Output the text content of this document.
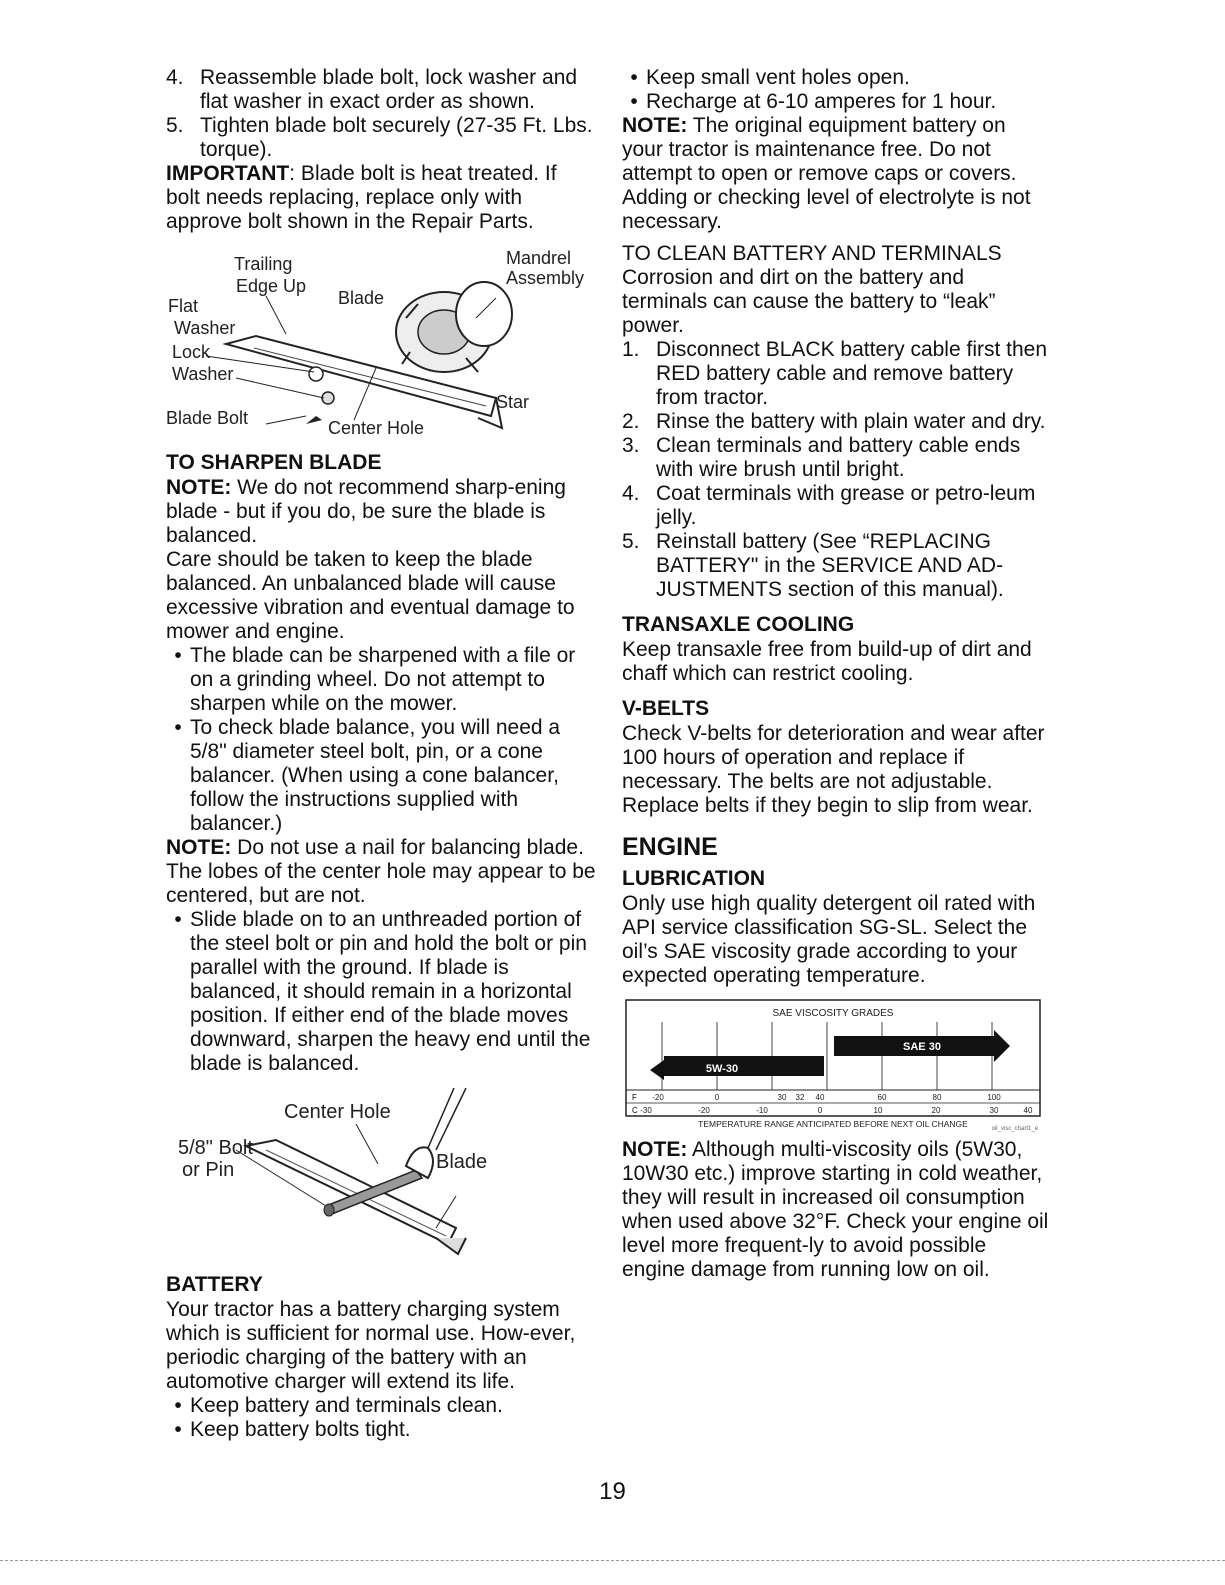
4. Reassemble blade bolt, lock washer and flat washer in exact order as shown.
5. Tighten blade bolt securely (27-35 Ft. Lbs. torque).

IMPORTANT: Blade bolt is heat treated. If bolt needs replacing, replace only with approve bolt shown in the Repair Parts.

Trailing
Edge Up
Blade
Mandrel
Assembly
Flat
Washer
Lock
Washer
Star
Blade Bolt	Center Hole
TO SHARPEN BLADE

NOTE: We do not recommend sharp-ening blade - but if you do, be sure the blade is balanced.

Care should be taken to keep the blade balanced. An unbalanced blade will cause excessive vibration and eventual damage to mower and engine.

• The blade can be sharpened with a file or on a grinding wheel. Do not attempt to sharpen while on the mower.
• To check blade balance, you will need a 5/8" diameter steel bolt, pin, or a cone balancer. (When using a cone balancer, follow the instructions supplied with balancer.)

NOTE: Do not use a nail for balancing blade. The lobes of the center hole may appear to be centered, but are not.

• Slide blade on to an unthreaded portion of the steel bolt or pin and hold the bolt or pin parallel with the ground. If blade is balanced, it should remain in a horizontal position. If either end of the blade moves downward, sharpen the heavy end until the blade is balanced.
Center Hole
5/8" Bolt
or Pin	Blade
BATTERY

Your tractor has a battery charging system which is sufficient for normal use. How-ever, periodic charging of the battery with an automotive charger will extend its life.

• Keep battery and terminals clean.
• Keep battery bolts tight.
• Keep small vent holes open.
• Recharge at 6-10 amperes for 1 hour.

NOTE: The original equipment battery on your tractor is maintenance free. Do not attempt to open or remove caps or covers. Adding or checking level of electrolyte is not necessary.

TO CLEAN BATTERY AND TERMINALS

Corrosion and dirt on the battery and terminals can cause the battery to “leak” power.

1. Disconnect BLACK battery cable first then RED battery cable and remove battery from tractor.
2. Rinse the battery with plain water and dry.
3. Clean terminals and battery cable ends with wire brush until bright.
4. Coat terminals with grease or petro-leum jelly.
5. Reinstall battery (See “REPLACING BATTERY" in the SERVICE AND AD-JUSTMENTS section of this manual).
TRANSAXLE COOLING

Keep transaxle free from build-up of dirt and chaff which can restrict cooling.

V-BELTS

Check V-belts for deterioration and wear after 100 hours of operation and replace if necessary. The belts are not adjustable. Replace belts if they begin to slip from wear.

ENGINE
LUBRICATION

Only use high quality detergent oil rated with API service classification SG-SL. Select the oil’s SAE viscosity grade according to your expected operating temperature.

SAE VISCOSITY GRADES
SAE 30
5W-30
F -20	0	30 32 40	60	80	100
C -30	-20	-10	0	10	20	30	40
TEMPERATURE RANGE ANTICIPATED BEFORE NEXT OIL CHANGE	oil_visc_chart1_e

NOTE: Although multi-viscosity oils (5W30, 10W30 etc.) improve starting in cold weather, they will result in increased oil consumption when used above 32°F. Check your engine oil level more frequent-ly to avoid possible engine damage from running low on oil.

19
